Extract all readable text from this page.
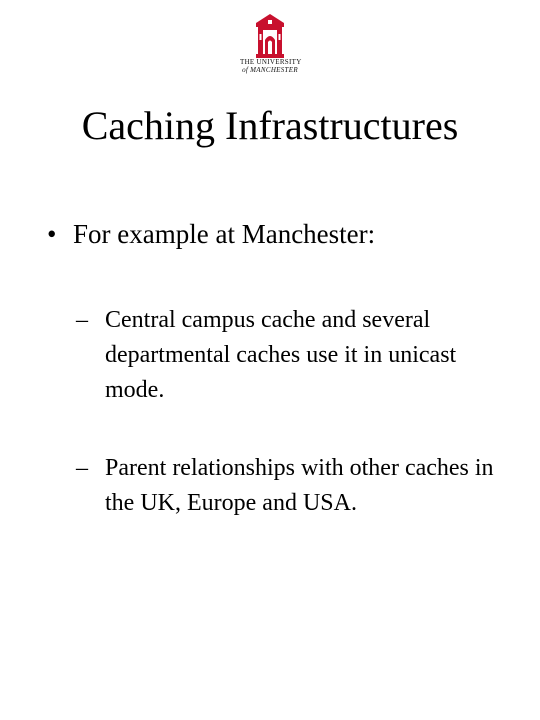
THE UNIVERSITY
of MANCHESTER
Caching Infrastructures
• For example at Manchester:
– Central campus cache and several departmental caches use it in unicast mode.
– Parent relationships with other caches in the UK, Europe and USA.
